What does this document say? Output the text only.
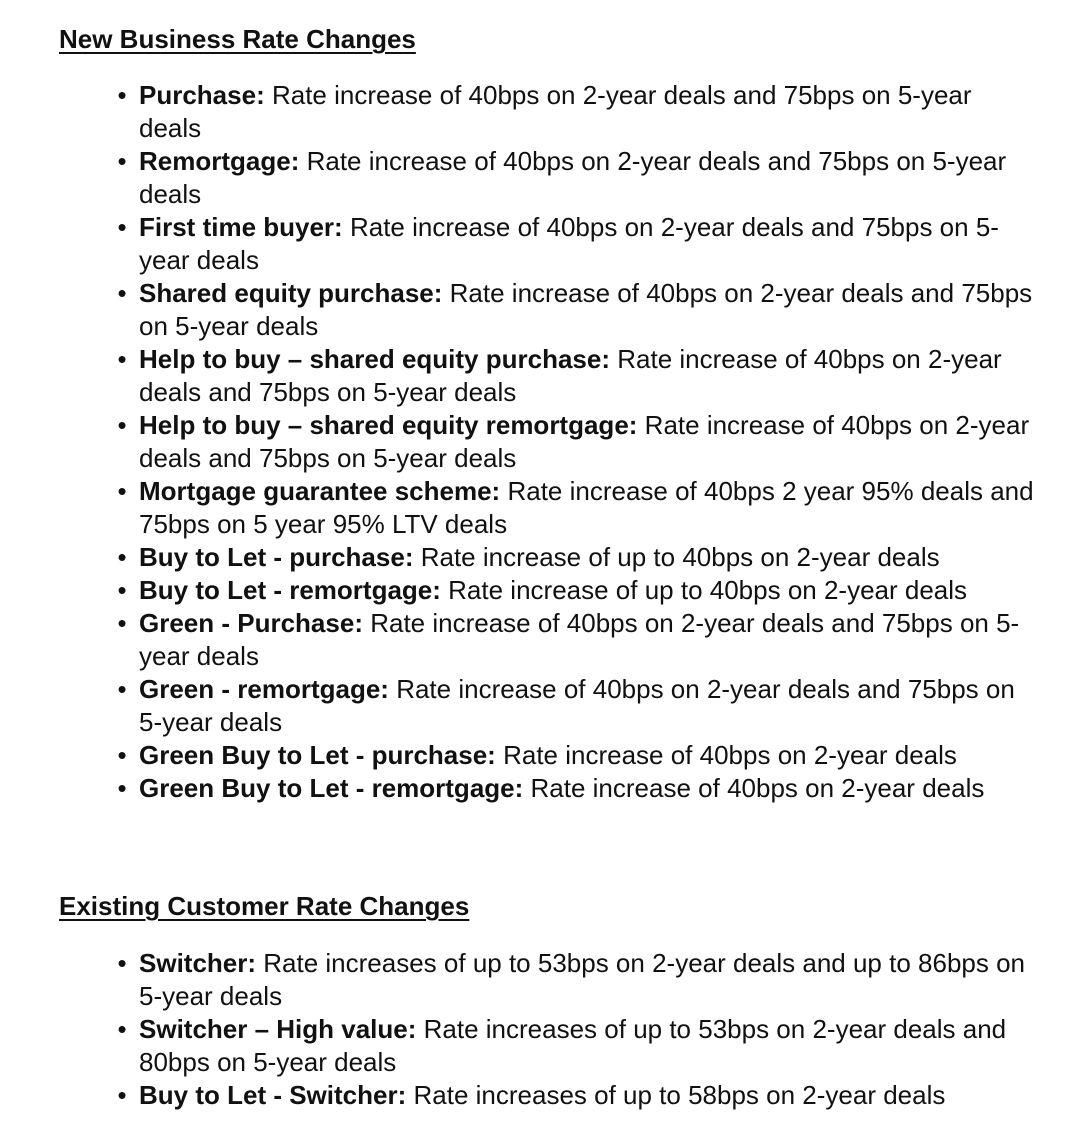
New Business Rate Changes
• Purchase: Rate increase of 40bps on 2-year deals and 75bps on 5-year deals
• Remortgage: Rate increase of 40bps on 2-year deals and 75bps on 5-year deals
• First time buyer: Rate increase of 40bps on 2-year deals and 75bps on 5-year deals
• Shared equity purchase: Rate increase of 40bps on 2-year deals and 75bps on 5-year deals
• Help to buy – shared equity purchase: Rate increase of 40bps on 2-year deals and 75bps on 5-year deals
• Help to buy – shared equity remortgage: Rate increase of 40bps on 2-year deals and 75bps on 5-year deals
• Mortgage guarantee scheme: Rate increase of 40bps 2 year 95% deals and 75bps on 5 year 95% LTV deals
• Buy to Let - purchase: Rate increase of up to 40bps on 2-year deals
• Buy to Let - remortgage: Rate increase of up to 40bps on 2-year deals
• Green - Purchase: Rate increase of 40bps on 2-year deals and 75bps on 5-year deals
• Green - remortgage: Rate increase of 40bps on 2-year deals and 75bps on 5-year deals
• Green Buy to Let - purchase: Rate increase of 40bps on 2-year deals
• Green Buy to Let - remortgage: Rate increase of 40bps on 2-year deals
Existing Customer Rate Changes
• Switcher: Rate increases of up to 53bps on 2-year deals and up to 86bps on 5-year deals
• Switcher – High value: Rate increases of up to 53bps on 2-year deals and 80bps on 5-year deals
• Buy to Let - Switcher: Rate increases of up to 58bps on 2-year deals
